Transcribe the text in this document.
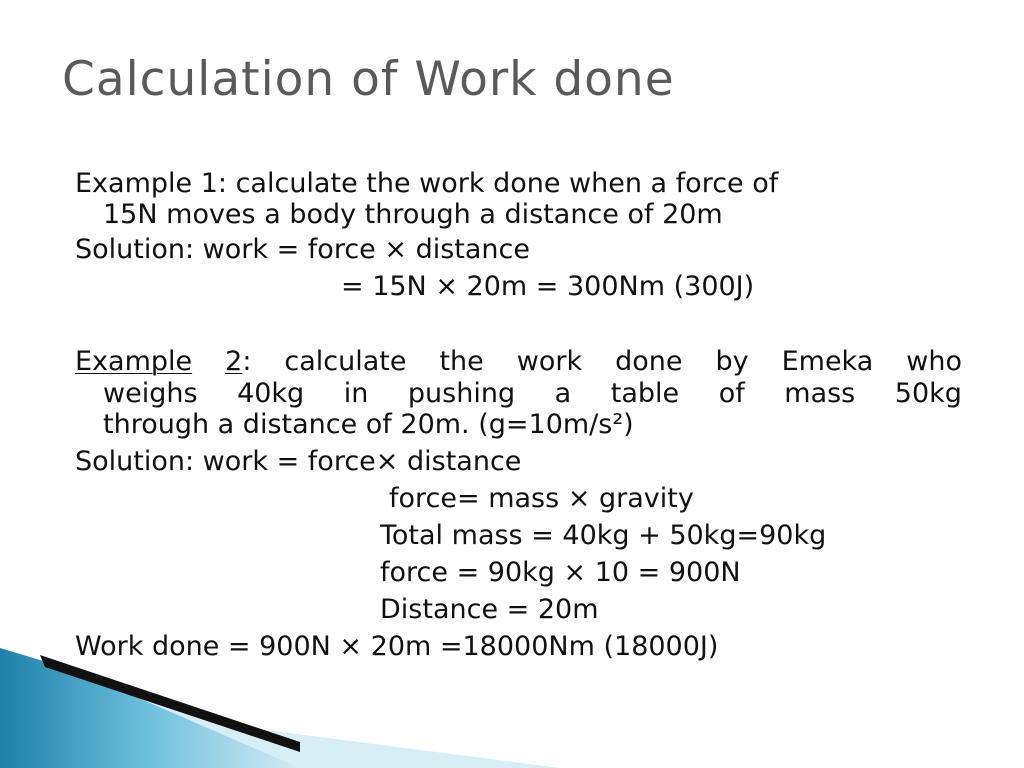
Calculation of Work done
Example 1: calculate the work done when a force of
15N moves a body through a distance of 20m
Solution: work = force × distance
= 15N × 20m = 300Nm (300J)
Example 2: calculate the work done by Emeka who
weighs 40kg in pushing a table of mass 50kg
through a distance of 20m. (g=10m/s²)
Solution: work = force× distance
force= mass × gravity
Total mass = 40kg + 50kg=90kg
force = 90kg × 10 = 900N
Distance = 20m
Work done = 900N × 20m =18000Nm (18000J)
